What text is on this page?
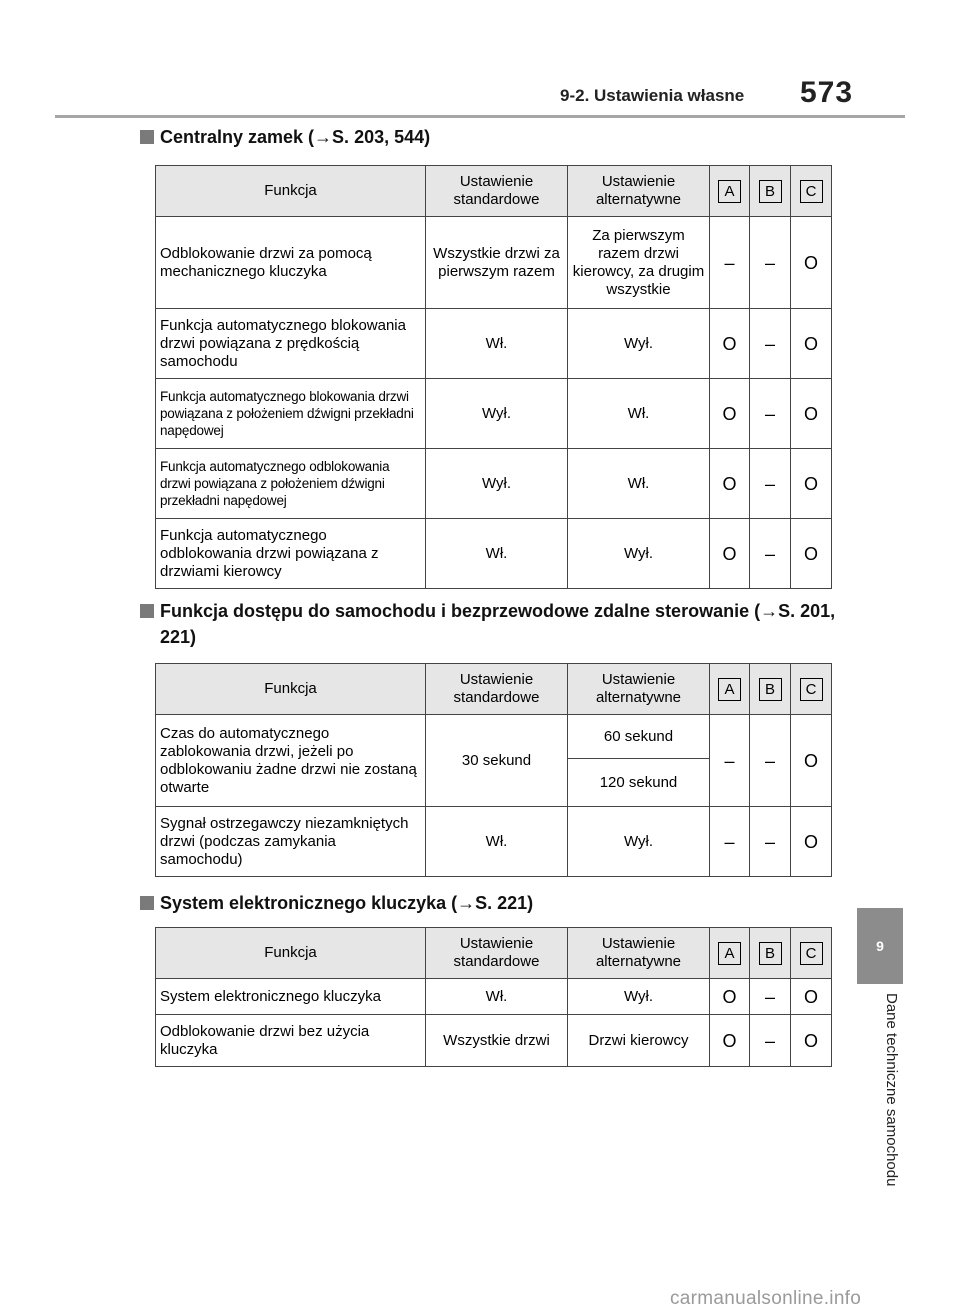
9-2. Ustawienia własne 573
9
Dane techniczne samochodu
Centralny zamek (→S. 203, 544)
Funkcja	Ustawienie standardowe	Ustawienie alternatywne	A	B	C
Odblokowanie drzwi za pomocą mechanicznego kluczyka	Wszystkie drzwi za pierwszym razem	Za pierwszym razem drzwi kierowcy, za drugim wszystkie	–	–	O
Funkcja automatycznego blokowania drzwi powiązana z prędkością samochodu	Wł.	Wył.	O	–	O
Funkcja automatycznego blokowania drzwi powiązana z położeniem dźwigni przekładni napędowej	Wył.	Wł.	O	–	O
Funkcja automatycznego odblokowania drzwi powiązana z położeniem dźwigni przekładni napędowej	Wył.	Wł.	O	–	O
Funkcja automatycznego odblokowania drzwi powiązana z drzwiami kierowcy	Wł.	Wył.	O	–	O
Funkcja dostępu do samochodu i bezprzewodowe zdalne sterowanie (→S. 201, 221)
Funkcja	Ustawienie standardowe	Ustawienie alternatywne	A	B	C
Czas do automatycznego zablokowania drzwi, jeżeli po odblokowaniu żadne drzwi nie zostaną otwarte	30 sekund	60 sekund	–	–	O
		120 sekund			
Sygnał ostrzegawczy niezamkniętych drzwi (podczas zamykania samochodu)	Wł.	Wył.	–	–	O
System elektronicznego kluczyka (→S. 221)
Funkcja	Ustawienie standardowe	Ustawienie alternatywne	A	B	C
System elektronicznego kluczyka	Wł.	Wył.	O	–	O
Odblokowanie drzwi bez użycia kluczyka	Wszystkie drzwi	Drzwi kierowcy	O	–	O
carmanualsonline.info
